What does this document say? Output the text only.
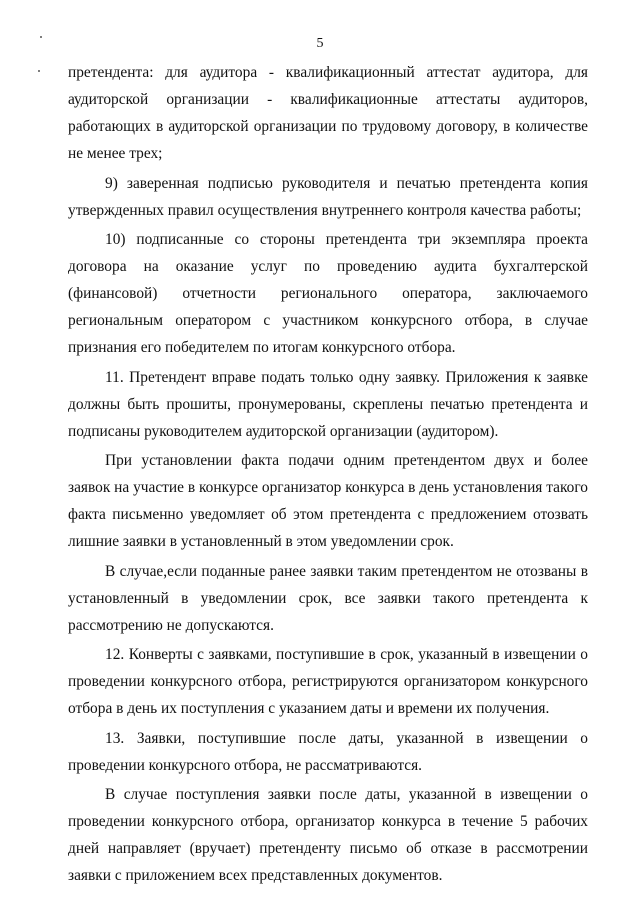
5

претендента: для аудитора - квалификационный аттестат аудитора, для аудиторской организации - квалификационные аттестаты аудиторов, работающих в аудиторской организации по трудовому договору, в количестве не менее трех;

9) заверенная подписью руководителя и печатью претендента копия утвержденных правил осуществления внутреннего контроля качества работы;

10) подписанные со стороны претендента три экземпляра проекта договора на оказание услуг по проведению аудита бухгалтерской (финансовой) отчетности регионального оператора, заключаемого региональным оператором с участником конкурсного отбора, в случае признания его победителем по итогам конкурсного отбора.

11. Претендент вправе подать только одну заявку. Приложения к заявке должны быть прошиты, пронумерованы, скреплены печатью претендента и подписаны руководителем аудиторской организации (аудитором).

При установлении факта подачи одним претендентом двух и более заявок на участие в конкурсе организатор конкурса в день установления такого факта письменно уведомляет об этом претендента с предложением отозвать лишние заявки в установленный в этом уведомлении срок.

В случае,если поданные ранее заявки таким претендентом не отозваны в установленный в уведомлении срок, все заявки такого претендента к рассмотрению не допускаются.

12. Конверты с заявками, поступившие в срок, указанный в извещении о проведении конкурсного отбора, регистрируются организатором конкурсного отбора в день их поступления с указанием даты и времени их получения.

13. Заявки, поступившие после даты, указанной в извещении о проведении конкурсного отбора, не рассматриваются.

В случае поступления заявки после даты, указанной в извещении о проведении конкурсного отбора, организатор конкурса в течение 5 рабочих дней направляет (вручает) претенденту письмо об отказе в рассмотрении заявки с приложением всех представленных документов.
